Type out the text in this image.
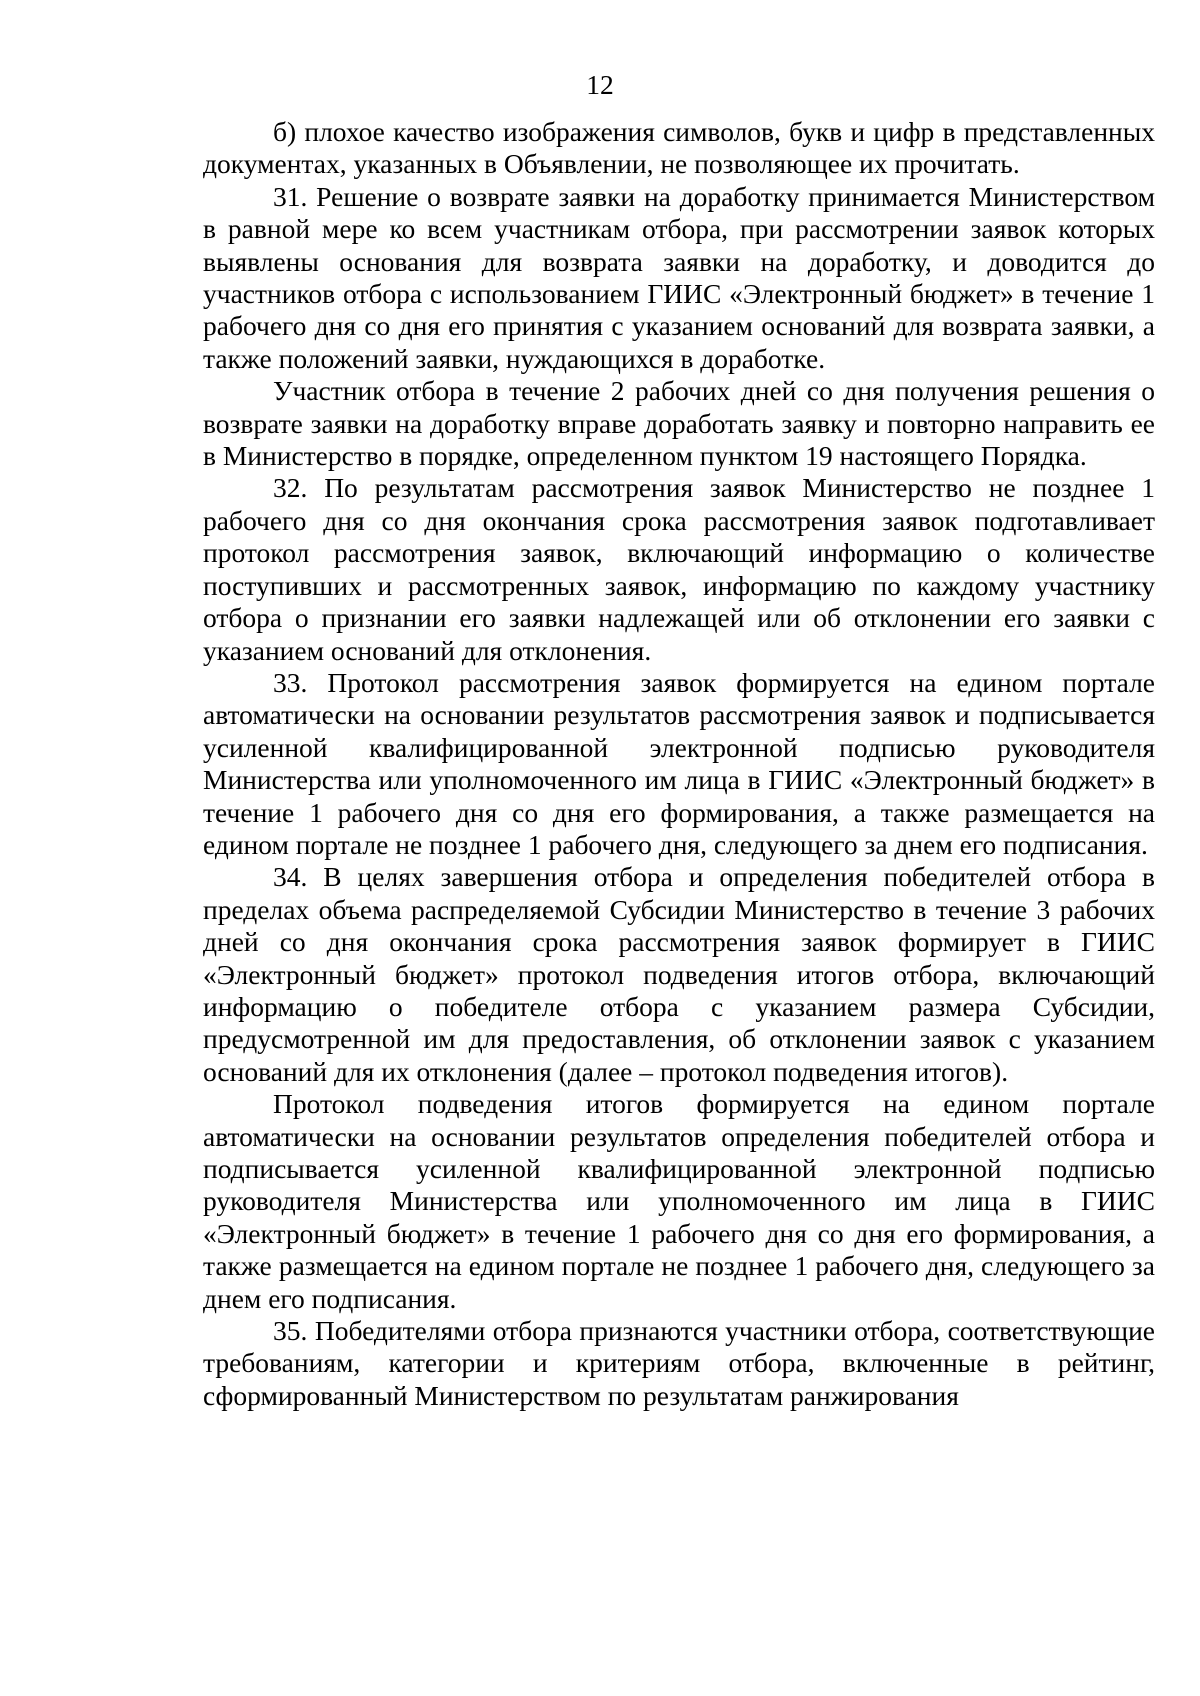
12

б) плохое качество изображения символов, букв и цифр в представленных документах, указанных в Объявлении, не позволяющее их прочитать.

31. Решение о возврате заявки на доработку принимается Министерством в равной мере ко всем участникам отбора, при рассмотрении заявок которых выявлены основания для возврата заявки на доработку, и доводится до участников отбора с использованием ГИИС «Электронный бюджет» в течение 1 рабочего дня со дня его принятия с указанием оснований для возврата заявки, а также положений заявки, нуждающихся в доработке.

Участник отбора в течение 2 рабочих дней со дня получения решения о возврате заявки на доработку вправе доработать заявку и повторно направить ее в Министерство в порядке, определенном пунктом 19 настоящего Порядка.

32. По результатам рассмотрения заявок Министерство не позднее 1 рабочего дня со дня окончания срока рассмотрения заявок подготавливает протокол рассмотрения заявок, включающий информацию о количестве поступивших и рассмотренных заявок, информацию по каждому участнику отбора о признании его заявки надлежащей или об отклонении его заявки с указанием оснований для отклонения.

33. Протокол рассмотрения заявок формируется на едином портале автоматически на основании результатов рассмотрения заявок и подписывается усиленной квалифицированной электронной подписью руководителя Министерства или уполномоченного им лица в ГИИС «Электронный бюджет» в течение 1 рабочего дня со дня его формирования, а также размещается на едином портале не позднее 1 рабочего дня, следующего за днем его подписания.

34. В целях завершения отбора и определения победителей отбора в пределах объема распределяемой Субсидии Министерство в течение 3 рабочих дней со дня окончания срока рассмотрения заявок формирует в ГИИС «Электронный бюджет» протокол подведения итогов отбора, включающий информацию о победителе отбора с указанием размера Субсидии, предусмотренной им для предоставления, об отклонении заявок с указанием оснований для их отклонения (далее – протокол подведения итогов).

Протокол подведения итогов формируется на едином портале автоматически на основании результатов определения победителей отбора и подписывается усиленной квалифицированной электронной подписью руководителя Министерства или уполномоченного им лица в ГИИС «Электронный бюджет» в течение 1 рабочего дня со дня его формирования, а также размещается на едином портале не позднее 1 рабочего дня, следующего за днем его подписания.

35. Победителями отбора признаются участники отбора, соответствующие требованиям, категории и критериям отбора, включенные в рейтинг, сформированный Министерством по результатам ранжирования
